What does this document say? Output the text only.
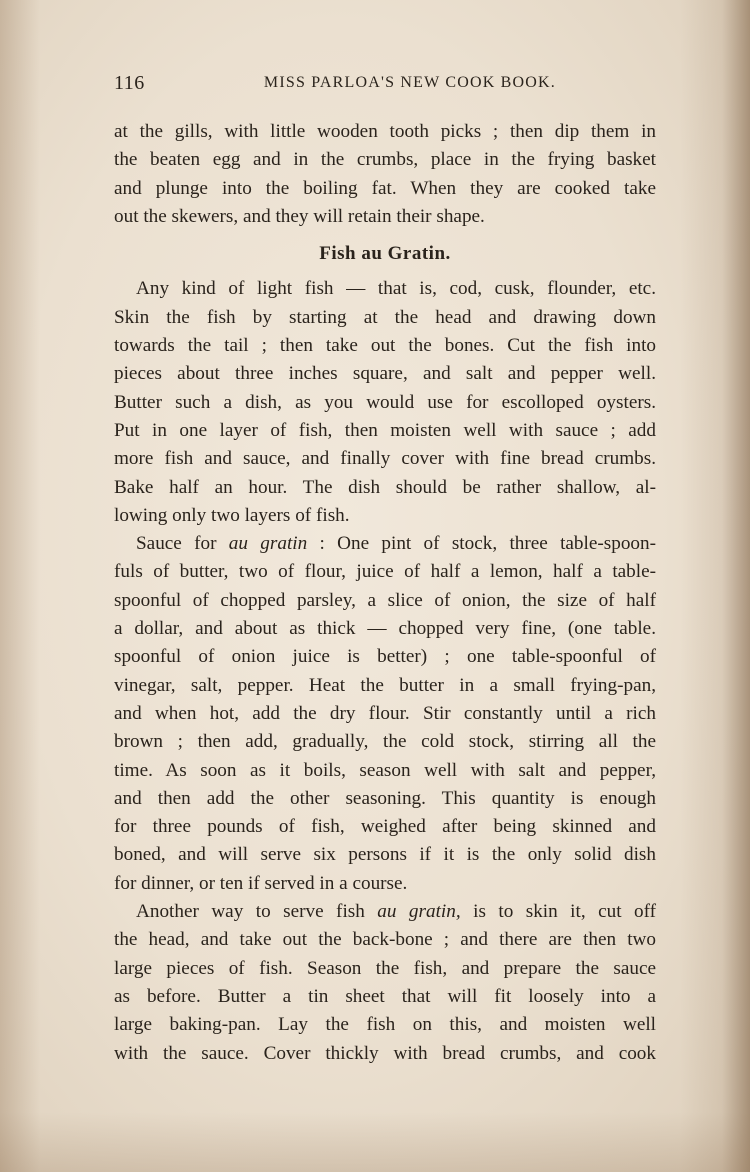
116	MISS PARLOA'S NEW COOK BOOK.
at the gills, with little wooden tooth picks ; then dip them in
the beaten egg and in the crumbs, place in the frying basket
and plunge into the boiling fat. When they are cooked take
out the skewers, and they will retain their shape.
Fish au Gratin.
Any kind of light fish — that is, cod, cusk, flounder, etc.
Skin the fish by starting at the head and drawing down
towards the tail ; then take out the bones. Cut the fish into
pieces about three inches square, and salt and pepper well.
Butter such a dish, as you would use for escolloped oysters.
Put in one layer of fish, then moisten well with sauce ; add
more fish and sauce, and finally cover with fine bread crumbs.
Bake half an hour. The dish should be rather shallow, al-
lowing only two layers of fish.
Sauce for au gratin : One pint of stock, three table-spoon-
fuls of butter, two of flour, juice of half a lemon, half a table-
spoonful of chopped parsley, a slice of onion, the size of half
a dollar, and about as thick — chopped very fine, (one table.
spoonful of onion juice is better) ; one table-spoonful of
vinegar, salt, pepper. Heat the butter in a small frying-pan,
and when hot, add the dry flour. Stir constantly until a rich
brown ; then add, gradually, the cold stock, stirring all the
time. As soon as it boils, season well with salt and pepper,
and then add the other seasoning. This quantity is enough
for three pounds of fish, weighed after being skinned and
boned, and will serve six persons if it is the only solid dish
for dinner, or ten if served in a course.
Another way to serve fish au gratin, is to skin it, cut off
the head, and take out the back-bone ; and there are then two
large pieces of fish. Season the fish, and prepare the sauce
as before. Butter a tin sheet that will fit loosely into a
large baking-pan. Lay the fish on this, and moisten well
with the sauce. Cover thickly with bread crumbs, and cook
